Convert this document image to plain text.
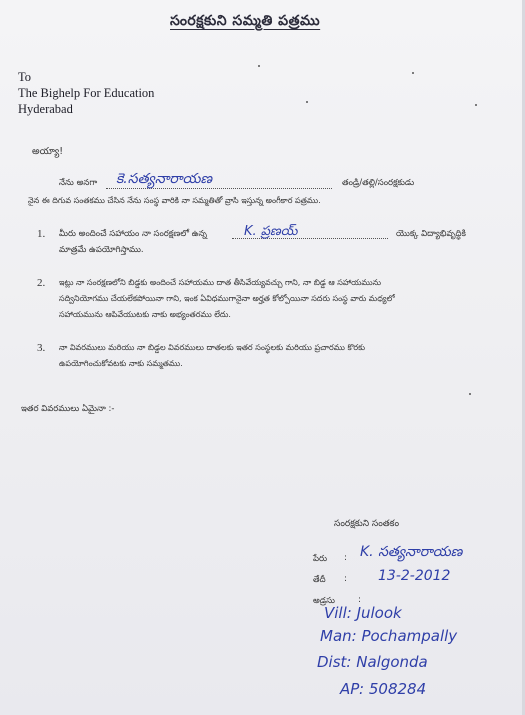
సంరక్షకుని సమ్మతి పత్రము
To
The Bighelp For Education
Hyderabad
అయ్యా!
నేను అనగా	కె.సత్యనారాయణ	తండ్రి/తల్లి/సంరక్షకుడు
నైన ఈ దిగువ సంతకము చేసిన నేను సంస్థ వారికి నా సమ్మతితో వ్రాసి ఇస్తున్న అంగీకార పత్రము.
1. మీరు అందించే సహాయం నా సంరక్షణలో ఉన్న	K. ప్రణయ్	యొక్క విద్యాభివృద్ధికి
మాత్రమే ఉపయోగిస్తాము.
2. ఇట్లు నా సంరక్షణలోని బిడ్డకు అందించే సహాయము దాత తీసివేయ్యవచ్చు గాని, నా బిడ్డ ఆ సహాయమును
సద్వినియోగము చేయలేకపోయినా గాని, ఇంక ఏవిధముగానైనా అర్హత కోల్పోయినా సదరు సంస్థ వారు మధ్యలో
సహాయమును ఆపివేయుటకు నాకు అభ్యంతరము లేదు.
3. నా వివరములు మరియు నా బిడ్డల వివరములు దాతలకు ఇతర సంస్థలకు మరియు ప్రచారము కొరకు
ఉపయోగించుకోవటకు నాకు సమ్మతము.
ఇతర వివరములు ఏమైనా :-
సంరక్షకుని సంతకం
పేరు : K. సత్యనారాయణ
తేదీ : 13-2-2012
అడ్రసు	:
Vill: Julook
Man: Pochampally
Dist: Nalgonda
AP: 508284
